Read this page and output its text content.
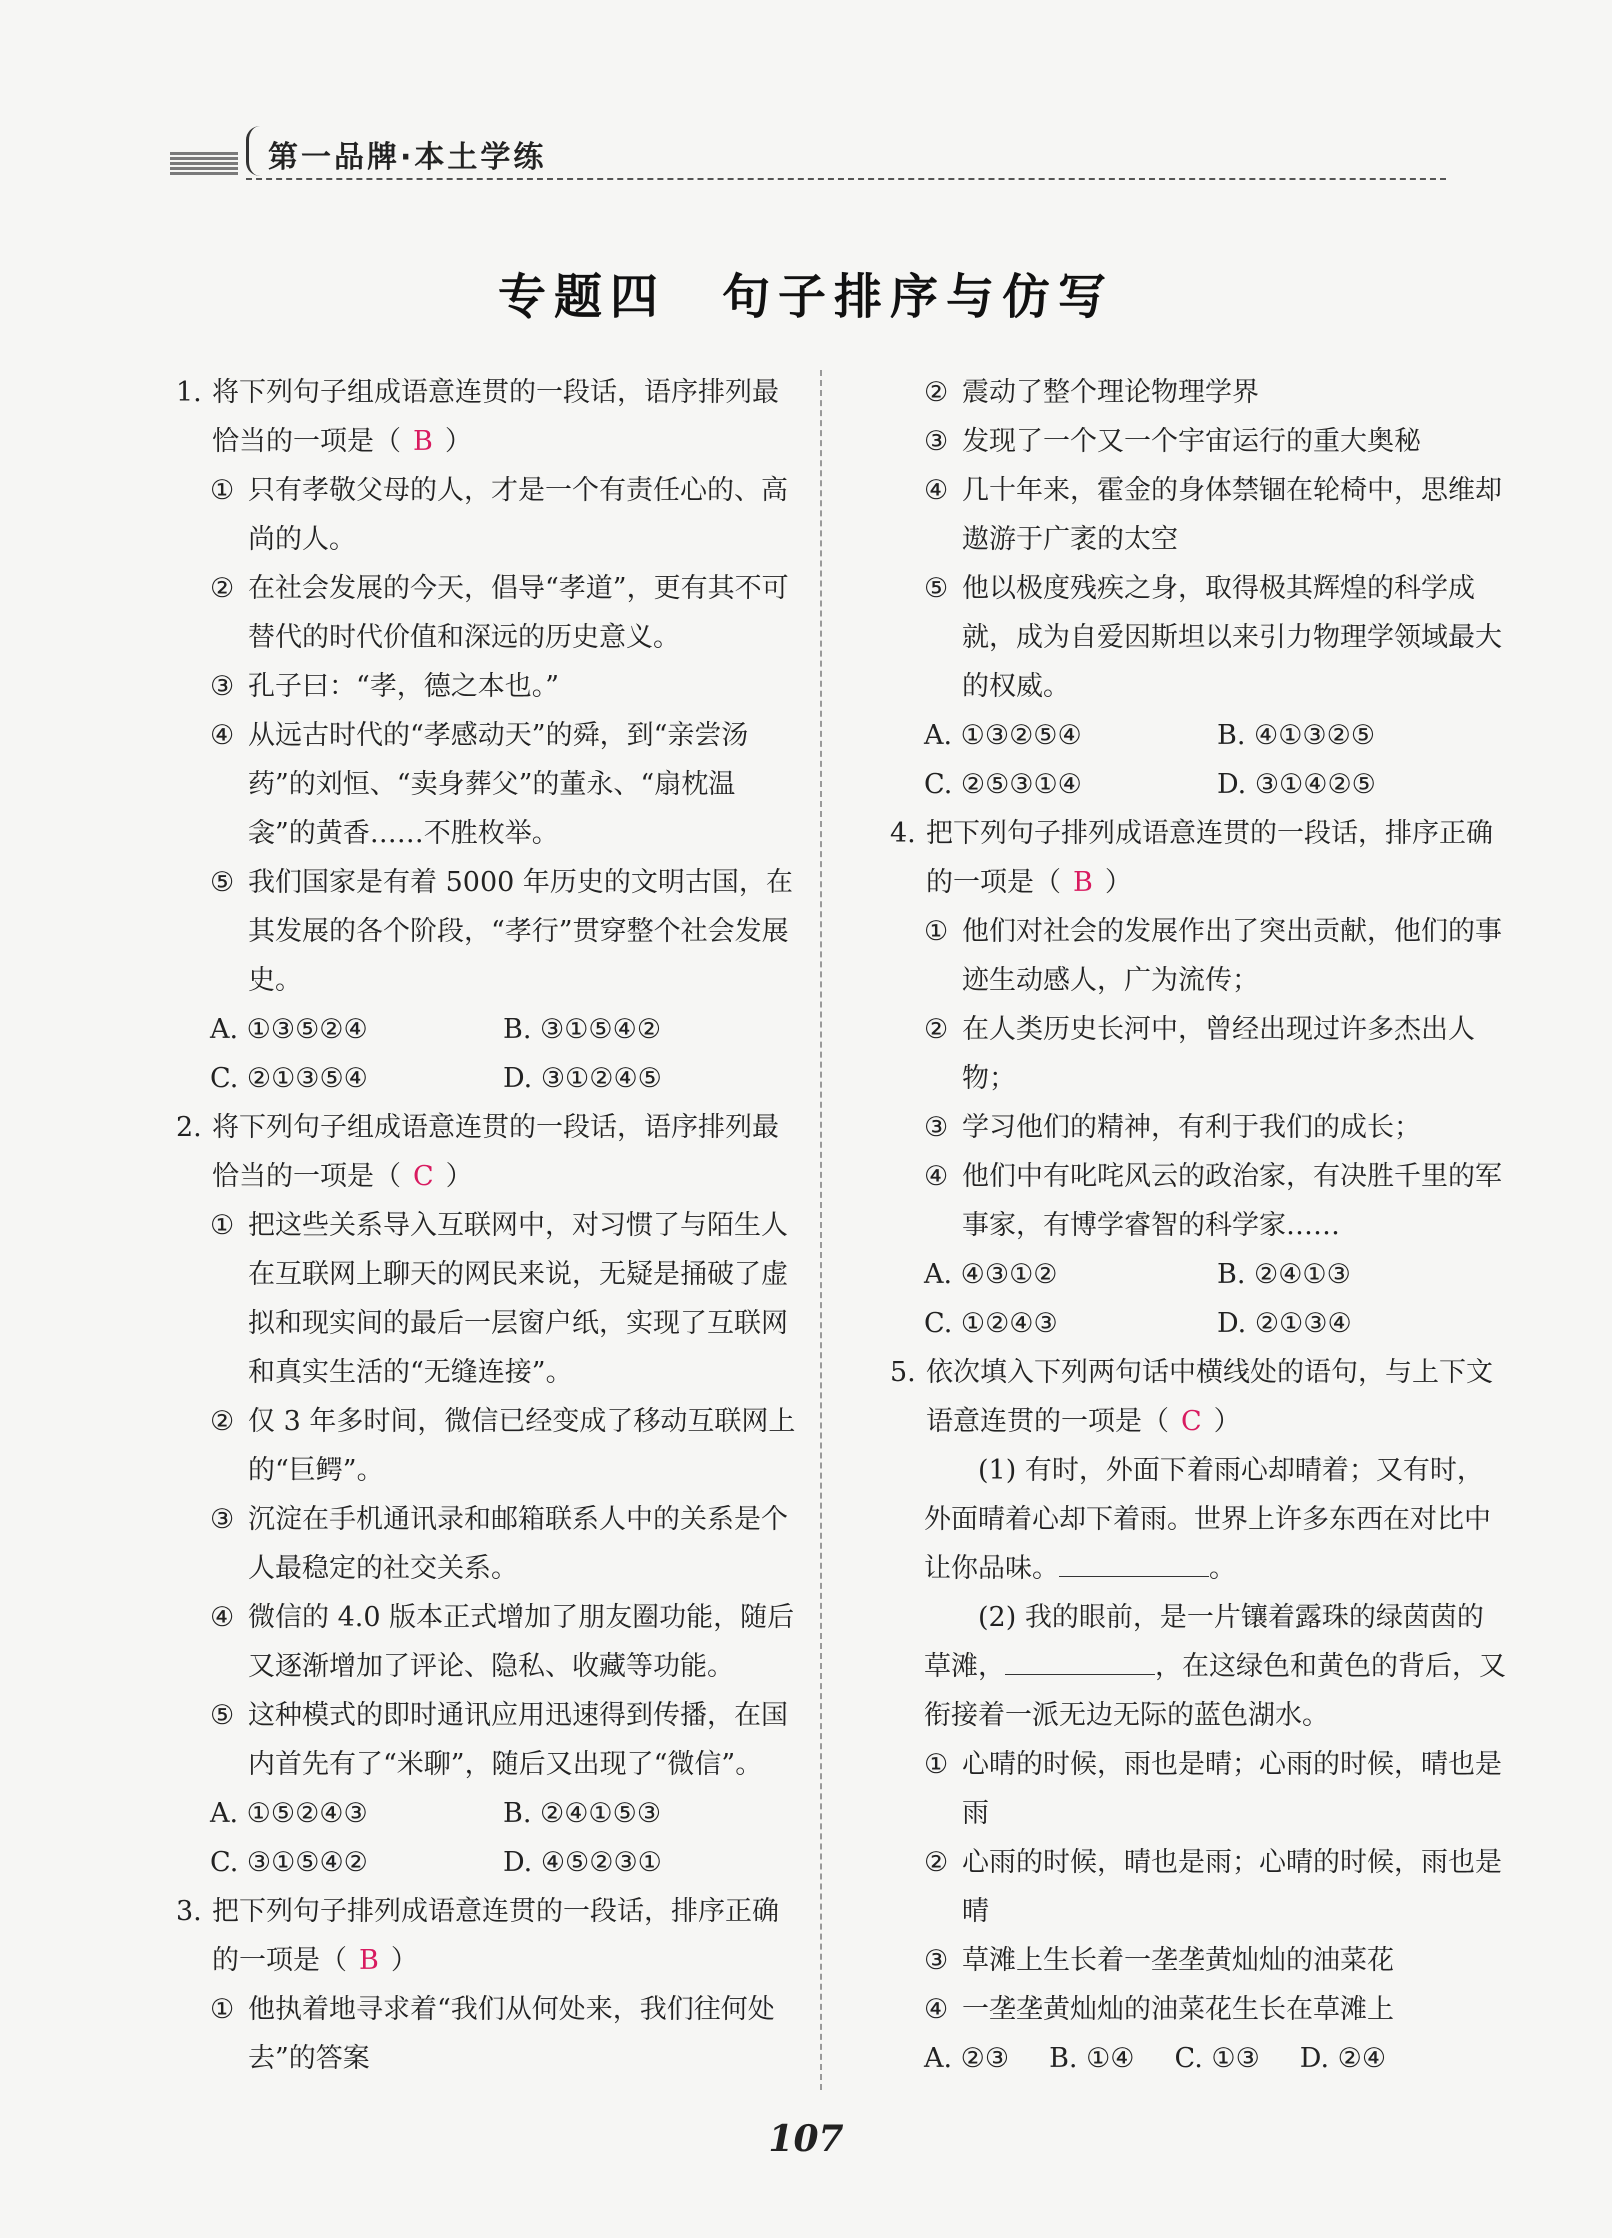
第一品牌·本土学练
专题四　句子排序与仿写
1. 将下列句子组成语意连贯的一段话，语序排列最恰当的一项是（ B ）
① 只有孝敬父母的人，才是一个有责任心的、高尚的人。
② 在社会发展的今天，倡导“孝道”，更有其不可替代的时代价值和深远的历史意义。
③ 孔子曰：“孝，德之本也。”
④ 从远古时代的“孝感动天”的舜，到“亲尝汤药”的刘恒、“卖身葬父”的董永、“扇枕温衾”的黄香……不胜枚举。
⑤ 我们国家是有着 5000 年历史的文明古国，在其发展的各个阶段，“孝行”贯穿整个社会发展史。
A. ①③⑤②④	B. ③①⑤④②
C. ②①③⑤④	D. ③①②④⑤
2. 将下列句子组成语意连贯的一段话，语序排列最恰当的一项是（ C ）
① 把这些关系导入互联网中，对习惯了与陌生人在互联网上聊天的网民来说，无疑是捅破了虚拟和现实间的最后一层窗户纸，实现了互联网和真实生活的“无缝连接”。
② 仅 3 年多时间，微信已经变成了移动互联网上的“巨鳄”。
③ 沉淀在手机通讯录和邮箱联系人中的关系是个人最稳定的社交关系。
④ 微信的 4.0 版本正式增加了朋友圈功能，随后又逐渐增加了评论、隐私、收藏等功能。
⑤ 这种模式的即时通讯应用迅速得到传播，在国内首先有了“米聊”，随后又出现了“微信”。
A. ①⑤②④③	B. ②④①⑤③
C. ③①⑤④②	D. ④⑤②③①
3. 把下列句子排列成语意连贯的一段话，排序正确的一项是（ B ）
① 他执着地寻求着“我们从何处来，我们往何处去”的答案
② 震动了整个理论物理学界
③ 发现了一个又一个宇宙运行的重大奥秘
④ 几十年来，霍金的身体禁锢在轮椅中，思维却遨游于广袤的太空
⑤ 他以极度残疾之身，取得极其辉煌的科学成就，成为自爱因斯坦以来引力物理学领域最大的权威。
A. ①③②⑤④	B. ④①③②⑤
C. ②⑤③①④	D. ③①④②⑤
4. 把下列句子排列成语意连贯的一段话，排序正确的一项是（ B ）
① 他们对社会的发展作出了突出贡献，他们的事迹生动感人，广为流传；
② 在人类历史长河中，曾经出现过许多杰出人物；
③ 学习他们的精神，有利于我们的成长；
④ 他们中有叱咤风云的政治家，有决胜千里的军事家，有博学睿智的科学家……
A. ④③①②	B. ②④①③
C. ①②④③	D. ②①③④
5. 依次填入下列两句话中横线处的语句，与上下文语意连贯的一项是（ C ）
(1) 有时，外面下着雨心却晴着；又有时，外面晴着心却下着雨。世界上许多东西在对比中让你品味。	。
(2) 我的眼前，是一片镶着露珠的绿茵茵的草滩，	，在这绿色和黄色的背后，又衔接着一派无边无际的蓝色湖水。
① 心晴的时候，雨也是晴；心雨的时候，晴也是雨
② 心雨的时候，晴也是雨；心晴的时候，雨也是晴
③ 草滩上生长着一垄垄黄灿灿的油菜花
④ 一垄垄黄灿灿的油菜花生长在草滩上
A. ②③ B. ①④ C. ①③ D. ②④
107
